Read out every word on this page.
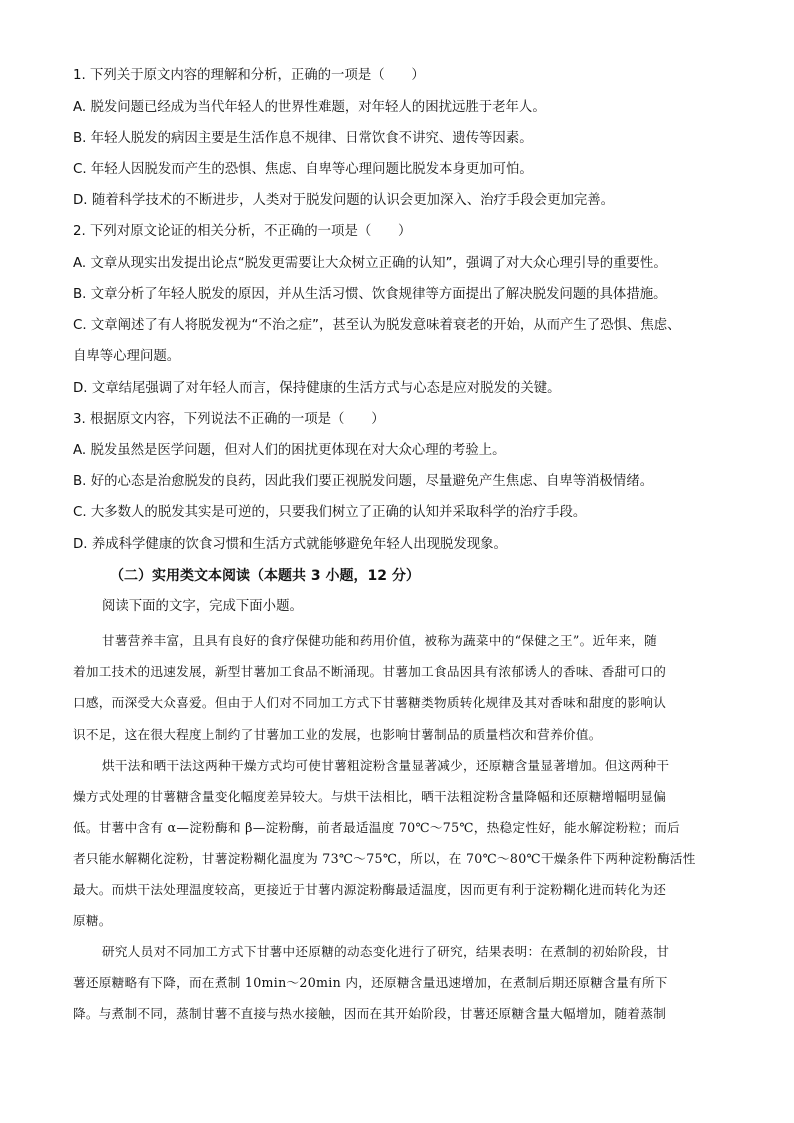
1. 下列关于原文内容的理解和分析，正确的一项是（　　）
A. 脱发问题已经成为当代年轻人的世界性难题，对年轻人的困扰远胜于老年人。
B. 年轻人脱发的病因主要是生活作息不规律、日常饮食不讲究、遗传等因素。
C. 年轻人因脱发而产生的恐惧、焦虑、自卑等心理问题比脱发本身更加可怕。
D. 随着科学技术的不断进步，人类对于脱发问题的认识会更加深入、治疗手段会更加完善。
2. 下列对原文论证的相关分析，不正确的一项是（　　）
A. 文章从现实出发提出论点“脱发更需要让大众树立正确的认知”，强调了对大众心理引导的重要性。
B. 文章分析了年轻人脱发的原因，并从生活习惯、饮食规律等方面提出了解决脱发问题的具体措施。
C. 文章阐述了有人将脱发视为“不治之症”，甚至认为脱发意味着衰老的开始，从而产生了恐惧、焦虑、
自卑等心理问题。
D. 文章结尾强调了对年轻人而言，保持健康的生活方式与心态是应对脱发的关键。
3. 根据原文内容，下列说法不正确的一项是（　　）
A. 脱发虽然是医学问题，但对人们的困扰更体现在对大众心理的考验上。
B. 好的心态是治愈脱发的良药，因此我们要正视脱发问题，尽量避免产生焦虑、自卑等消极情绪。
C. 大多数人的脱发其实是可逆的，只要我们树立了正确的认知并采取科学的治疗手段。
D. 养成科学健康的饮食习惯和生活方式就能够避免年轻人出现脱发现象。
（二）实用类文本阅读（本题共 3 小题，12 分）
阅读下面的文字，完成下面小题。
甘薯营养丰富，且具有良好的食疗保健功能和药用价值，被称为蔬菜中的“保健之王”。近年来，随
着加工技术的迅速发展，新型甘薯加工食品不断涌现。甘薯加工食品因具有浓郁诱人的香味、香甜可口的
口感，而深受大众喜爱。但由于人们对不同加工方式下甘薯糖类物质转化规律及其对香味和甜度的影响认
识不足，这在很大程度上制约了甘薯加工业的发展，也影响甘薯制品的质量档次和营养价值。
烘干法和晒干法这两种干燥方式均可使甘薯粗淀粉含量显著减少，还原糖含量显著增加。但这两种干
燥方式处理的甘薯糖含量变化幅度差异较大。与烘干法相比，晒干法粗淀粉含量降幅和还原糖增幅明显偏
低。甘薯中含有 α—淀粉酶和 β—淀粉酶，前者最适温度 70℃～75℃，热稳定性好，能水解淀粉粒；而后
者只能水解糊化淀粉，甘薯淀粉糊化温度为 73℃～75℃，所以，在 70℃～80℃干燥条件下两种淀粉酶活性
最大。而烘干法处理温度较高，更接近于甘薯内源淀粉酶最适温度，因而更有利于淀粉糊化进而转化为还
原糖。
研究人员对不同加工方式下甘薯中还原糖的动态变化进行了研究，结果表明：在煮制的初始阶段，甘
薯还原糖略有下降，而在煮制 10min～20min 内，还原糖含量迅速增加，在煮制后期还原糖含量有所下
降。与煮制不同，蒸制甘薯不直接与热水接触，因而在其开始阶段，甘薯还原糖含量大幅增加，随着蒸制
